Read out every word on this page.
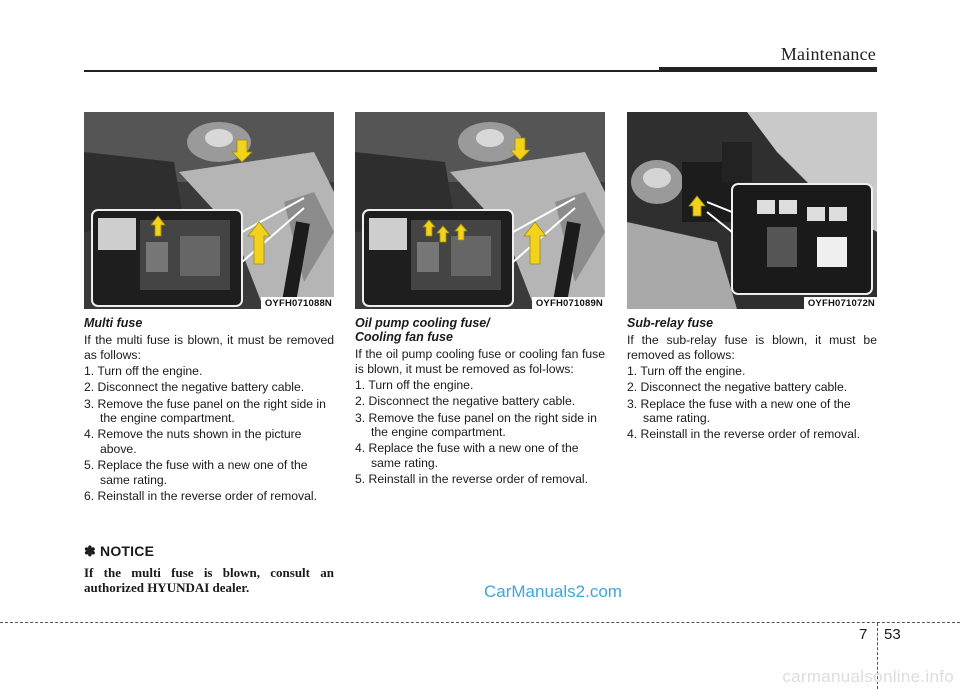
Maintenance
OYFH071088N
Multi fuse
If the multi fuse is blown, it must be removed as follows:
1. Turn off the engine.
2. Disconnect the negative battery cable.
3. Remove the fuse panel on the right side in the engine compartment.
4. Remove the nuts shown in the picture above.
5. Replace the fuse with a new one of the same rating.
6. Reinstall in the reverse order of removal.
OYFH071089N
Oil pump cooling fuse/ Cooling fan fuse
If the oil pump cooling fuse or cooling fan fuse is blown, it must be removed as fol-lows:
1. Turn off the engine.
2. Disconnect the negative battery cable.
3. Remove the fuse panel on the right side in the engine compartment.
4. Replace the fuse with a new one of the same rating.
5. Reinstall in the reverse order of removal.
OYFH071072N
Sub-relay fuse
If the sub-relay fuse is blown, it must be removed as follows:
1. Turn off the engine.
2. Disconnect the negative battery cable.
3. Replace the fuse with a new one of the same rating.
4. Reinstall in the reverse order of removal.
✽ NOTICE
If the multi fuse is blown, consult an authorized HYUNDAI dealer.	CarManuals2.com
7 53
carmanualsonline.info
